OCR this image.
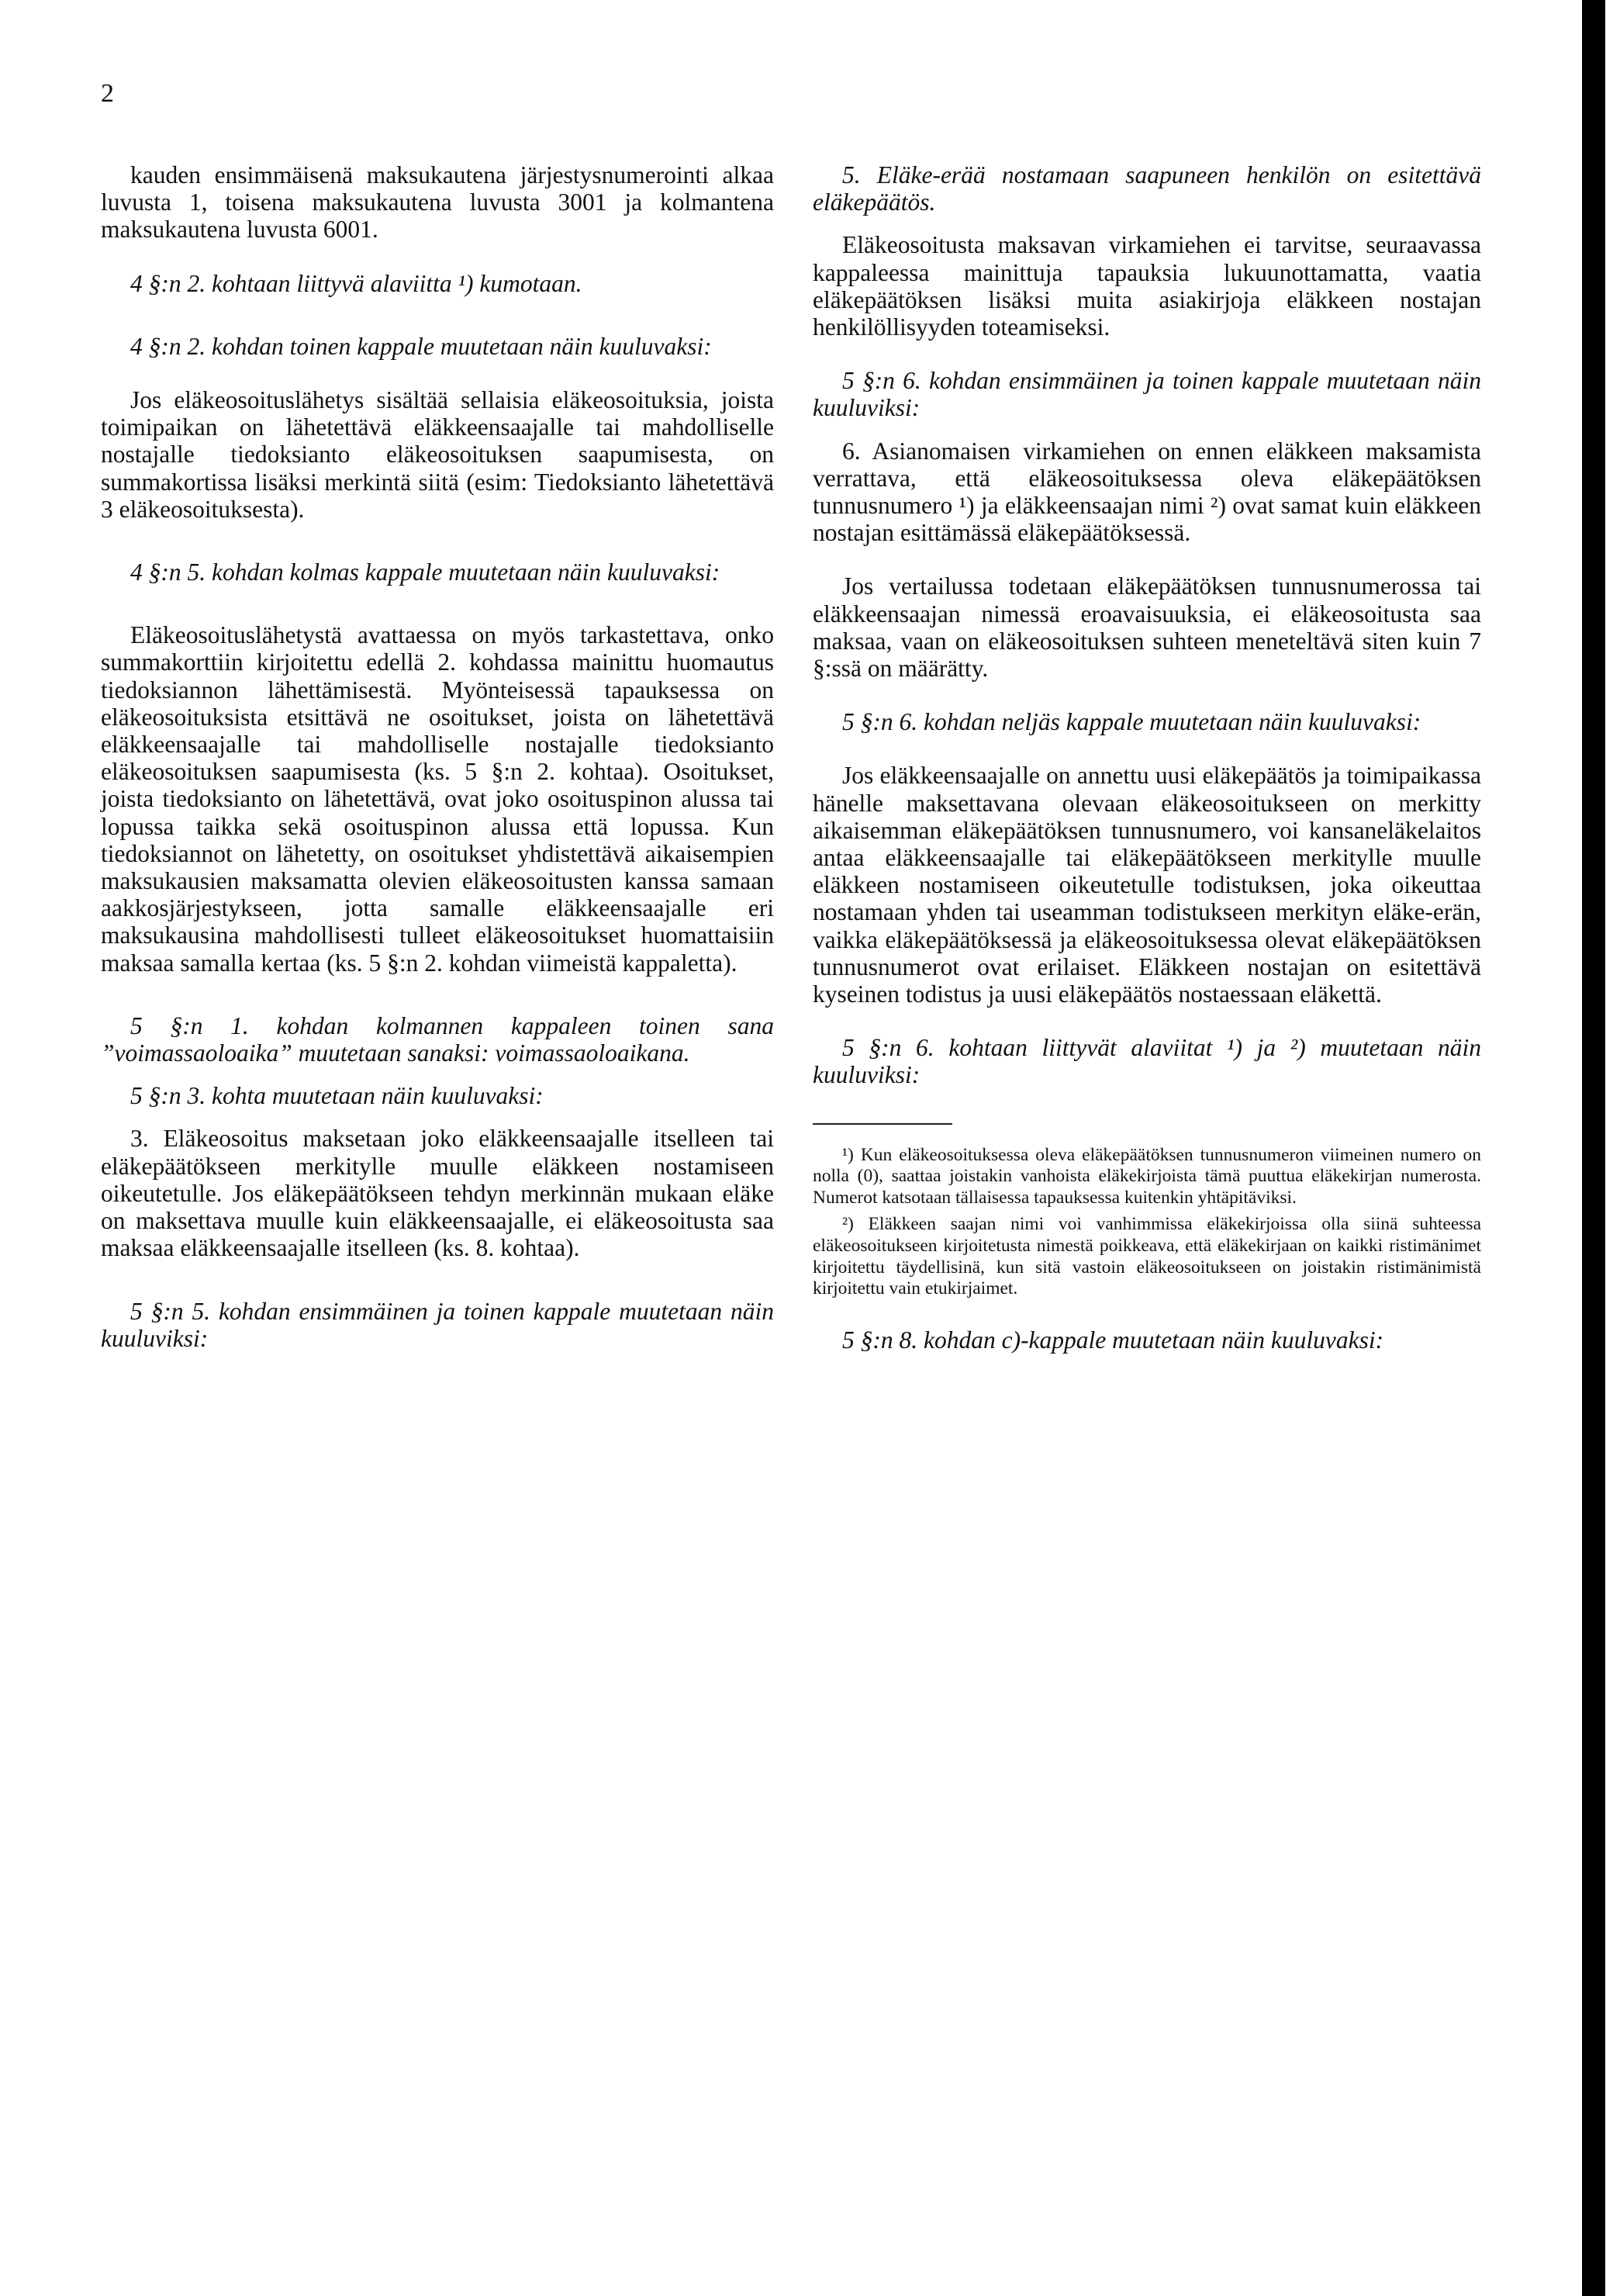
2

kauden ensimmäisenä maksukautena järjestysnumerointi alkaa luvusta 1, toisena maksukautena luvusta 3001 ja kolmantena maksukautena luvusta 6001.

4 §:n 2. kohtaan liittyvä alaviitta ¹) kumotaan.

4 §:n 2. kohdan toinen kappale muutetaan näin kuuluvaksi:

Jos eläkeosoituslähetys sisältää sellaisia eläkeosoituksia, joista toimipaikan on lähetettävä eläkkeensaajalle tai mahdolliselle nostajalle tiedoksianto eläkeosoituksen saapumisesta, on summakortissa lisäksi merkintä siitä (esim: Tiedoksianto lähetettävä 3 eläkeosoituksesta).

4 §:n 5. kohdan kolmas kappale muutetaan näin kuuluvaksi:

Eläkeosoituslähetystä avattaessa on myös tarkastettava, onko summakorttiin kirjoitettu edellä 2. kohdassa mainittu huomautus tiedoksiannon lähettämisestä. Myönteisessä tapauksessa on eläkeosoituksista etsittävä ne osoitukset, joista on lähetettävä eläkkeensaajalle tai mahdolliselle nostajalle tiedoksianto eläkeosoituksen saapumisesta (ks. 5 §:n 2. kohtaa). Osoitukset, joista tiedoksianto on lähetettävä, ovat joko osoituspinon alussa tai lopussa taikka sekä osoituspinon alussa että lopussa. Kun tiedoksiannot on lähetetty, on osoitukset yhdistettävä aikaisempien maksukausien maksamatta olevien eläkeosoitusten kanssa samaan aakkosjärjestykseen, jotta samalle eläkkeensaajalle eri maksukausina mahdollisesti tulleet eläkeosoitukset huomattaisiin maksaa samalla kertaa (ks. 5 §:n 2. kohdan viimeistä kappaletta).

5 §:n 1. kohdan kolmannen kappaleen toinen sana ”voimassaoloaika” muutetaan sanaksi: voimassaoloaikana.

5 §:n 3. kohta muutetaan näin kuuluvaksi:

3. Eläkeosoitus maksetaan joko eläkkeensaajalle itselleen tai eläkepäätökseen merkitylle muulle eläkkeen nostamiseen oikeutetulle. Jos eläkepäätökseen tehdyn merkinnän mukaan eläke on maksettava muulle kuin eläkkeensaajalle, ei eläkeosoitusta saa maksaa eläkkeensaajalle itselleen (ks. 8. kohtaa).

5 §:n 5. kohdan ensimmäinen ja toinen kappale muutetaan näin kuuluviksi:

5. Eläke-erää nostamaan saapuneen henkilön on esitettävä eläkepäätös.

Eläkeosoitusta maksavan virkamiehen ei tarvitse, seuraavassa kappaleessa mainittuja tapauksia lukuunottamatta, vaatia eläkepäätöksen lisäksi muita asiakirjoja eläkkeen nostajan henkilöllisyyden toteamiseksi.

5 §:n 6. kohdan ensimmäinen ja toinen kappale muutetaan näin kuuluviksi:

6. Asianomaisen virkamiehen on ennen eläkkeen maksamista verrattava, että eläkeosoituksessa oleva eläkepäätöksen tunnusnumero ¹) ja eläkkeensaajan nimi ²) ovat samat kuin eläkkeen nostajan esittämässä eläkepäätöksessä.

Jos vertailussa todetaan eläkepäätöksen tunnusnumerossa tai eläkkeensaajan nimessä eroavaisuuksia, ei eläkeosoitusta saa maksaa, vaan on eläkeosoituksen suhteen meneteltävä siten kuin 7 §:ssä on määrätty.

5 §:n 6. kohdan neljäs kappale muutetaan näin kuuluvaksi:

Jos eläkkeensaajalle on annettu uusi eläkepäätös ja toimipaikassa hänelle maksettavana olevaan eläkeosoitukseen on merkitty aikaisemman eläkepäätöksen tunnusnumero, voi kansaneläkelaitos antaa eläkkeensaajalle tai eläkepäätökseen merkitylle muulle eläkkeen nostamiseen oikeutetulle todistuksen, joka oikeuttaa nostamaan yhden tai useamman todistukseen merkityn eläke-erän, vaikka eläkepäätöksessä ja eläkeosoituksessa olevat eläkepäätöksen tunnusnumerot ovat erilaiset. Eläkkeen nostajan on esitettävä kyseinen todistus ja uusi eläkepäätös nostaessaan eläkettä.

5 §:n 6. kohtaan liittyvät alaviitat ¹) ja ²) muutetaan näin kuuluviksi:

¹) Kun eläkeosoituksessa oleva eläkepäätöksen tunnusnumeron viimeinen numero on nolla (0), saattaa joistakin vanhoista eläkekirjoista tämä puuttua eläkekirjan numerosta. Numerot katsotaan tällaisessa tapauksessa kuitenkin yhtäpitäviksi.

²) Eläkkeen saajan nimi voi vanhimmissa eläkekirjoissa olla siinä suhteessa eläkeosoitukseen kirjoitetusta nimestä poikkeava, että eläkekirjaan on kaikki ristimänimet kirjoitettu täydellisinä, kun sitä vastoin eläkeosoitukseen on joistakin ristimänimistä kirjoitettu vain etukirjaimet.

5 §:n 8. kohdan c)-kappale muutetaan näin kuuluvaksi:
